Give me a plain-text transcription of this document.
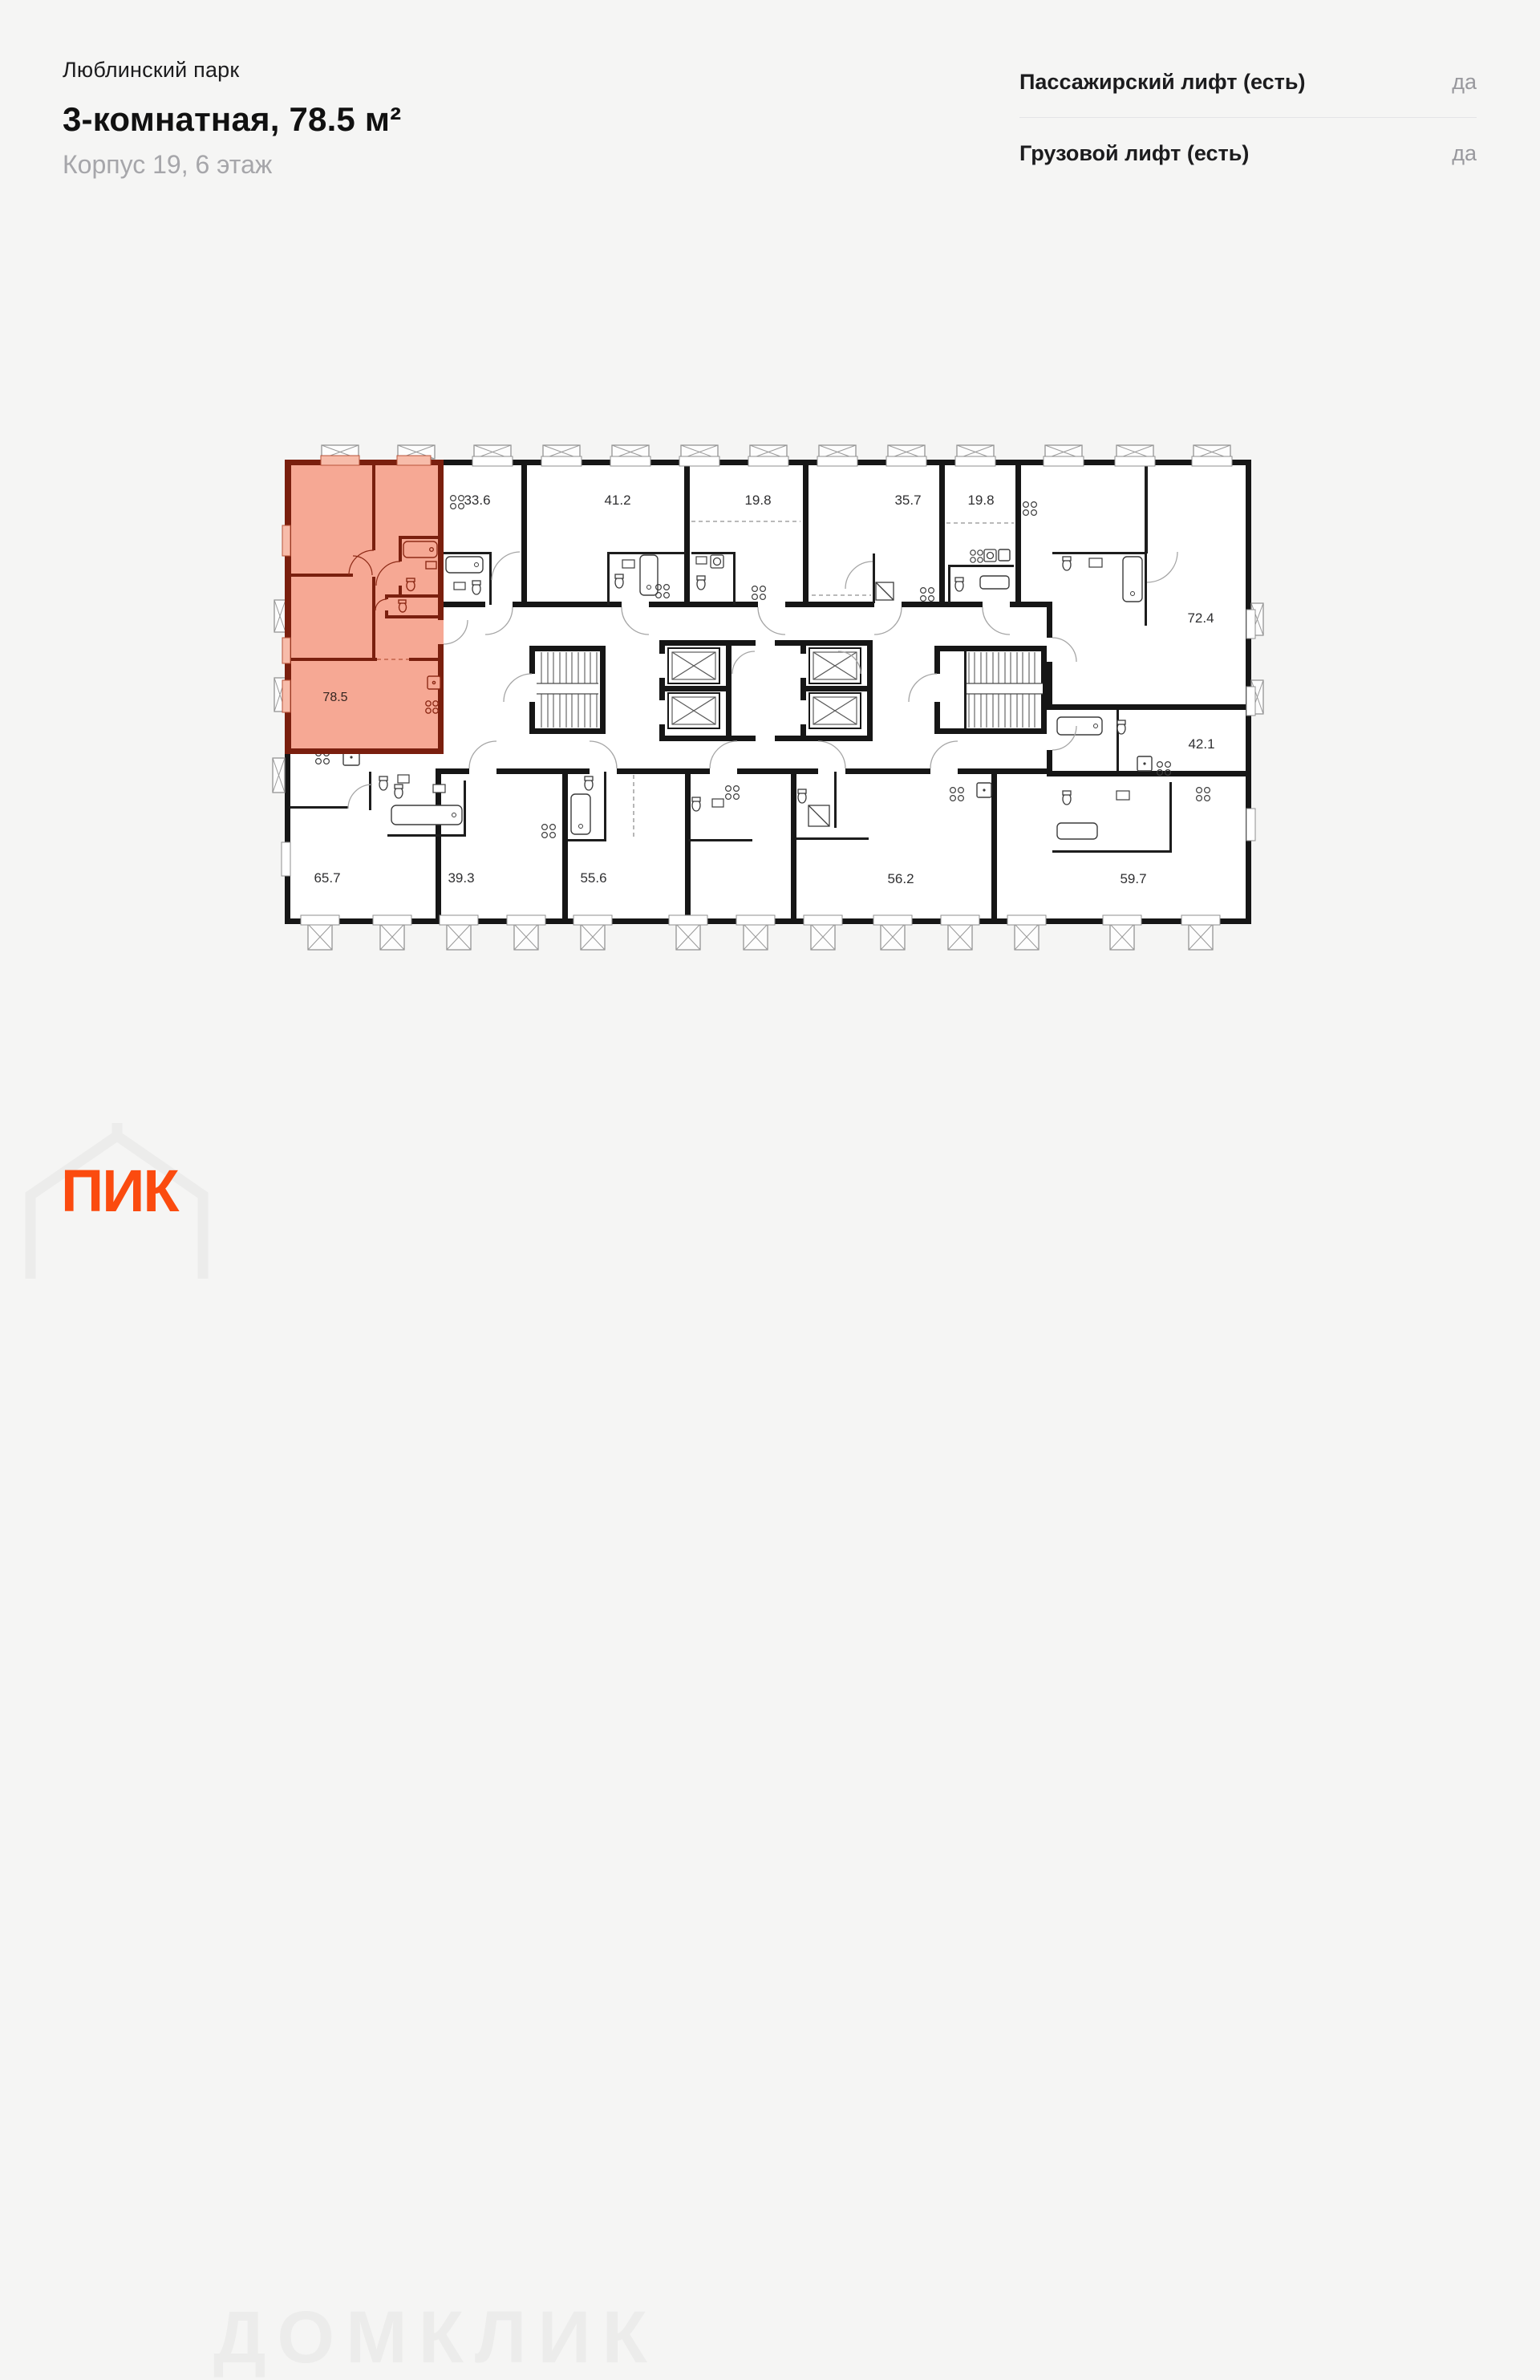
Люблинский парк
3-комнатная, 78.5 м²
Корпус 19, 6 этаж
Пассажирский лифт (есть)	да
Грузовой лифт (есть)	да
78.5
33.6	41.2	19.8	35.7	19.8
72.4
42.1
65.7	39.3	55.6	56.2	59.7
ДОМКЛИК
ПИК
